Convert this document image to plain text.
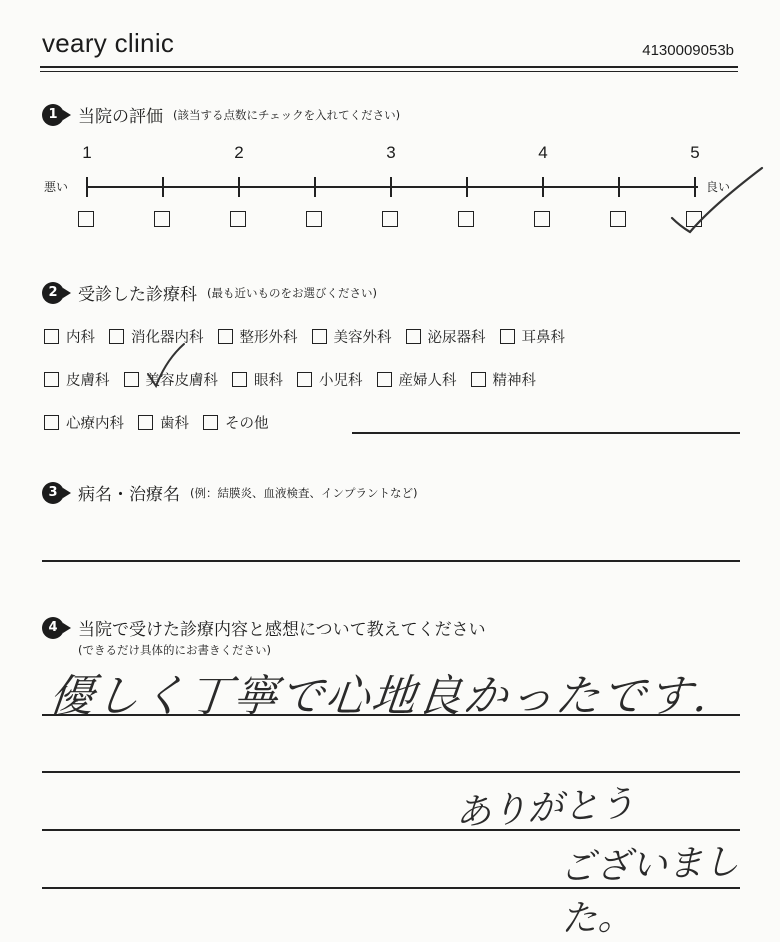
veary clinic	4130009053b
1	当院の評価 (該当する点数にチェックを入れてください)
1	2	3	4	5
悪い	良い
2	受診した診療科 (最も近いものをお選びください)
内科 消化器内科 整形外科 美容外科 泌尿器科 耳鼻科
皮膚科 美容皮膚科 眼科 小児科 産婦人科 精神科
心療内科 歯科 その他
3	病名・治療名 (例：結膜炎、血液検査、インプラントなど)
4	当院で受けた診療内容と感想について教えてください
(できるだけ具体的にお書きください)
優しく丁寧で心地良かったです.
ありがとう
ございました。
